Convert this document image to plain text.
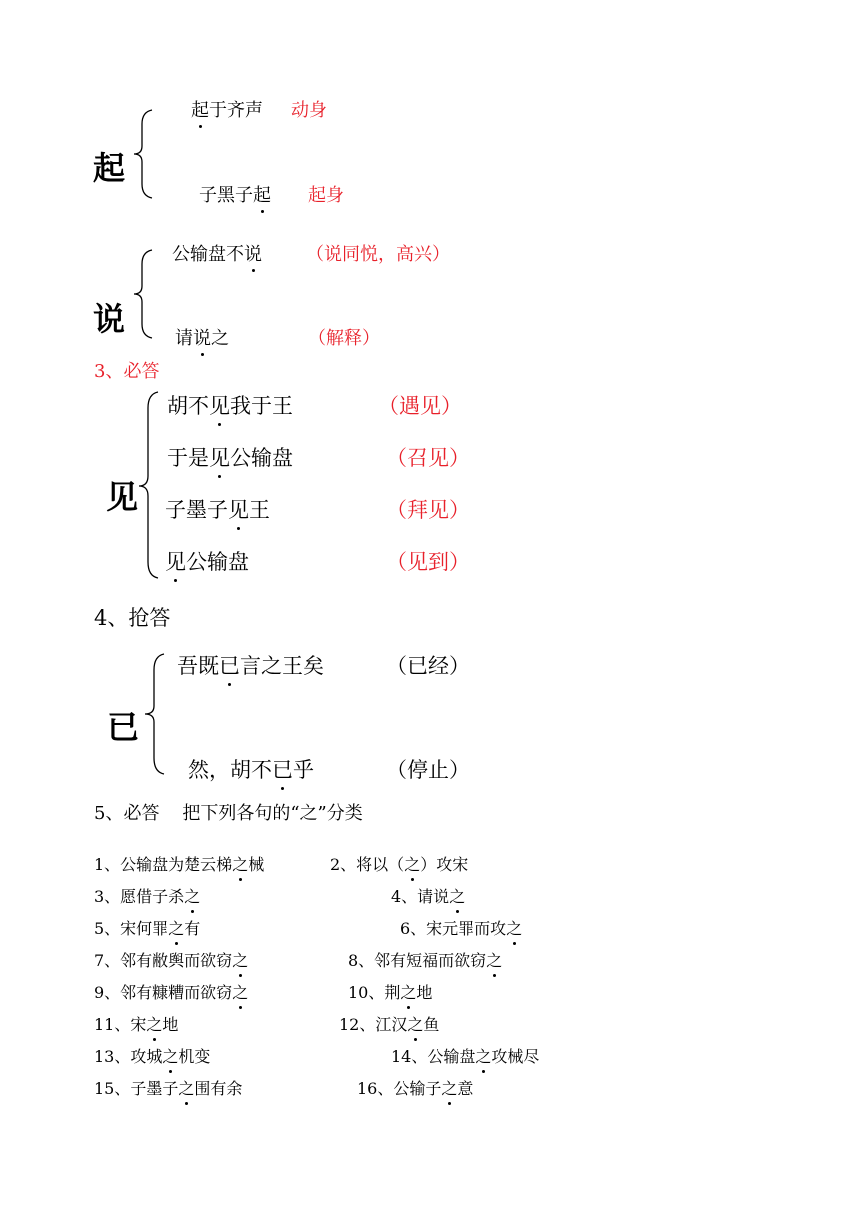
起
起于齐声 动身
子黑子起 起身
说
公输盘不说 （说同悦，高兴）
请说之	（解释）
3、必答
见
胡不见我于王	（遇见）
于是见公输盘	（召见）
子墨子见王	（拜见）
见公输盘	（见到）
4、抢答
已
吾既已言之王矣	（已经）
然，胡不已乎	（停止）
5、必答    把下列各句的“之”分类
1、公输盘为楚云梯之械	2、将以（之）攻宋
3、愿借子杀之	4、请说之
5、宋何罪之有	6、宋元罪而攻之
7、邻有敝舆而欲窃之	8、邻有短福而欲窃之
9、邻有糠糟而欲窃之	10、荆之地
11、宋之地	12、江汉之鱼
13、攻城之机变	14、公输盘之攻械尽
15、子墨子之围有余	16、公输子之意
